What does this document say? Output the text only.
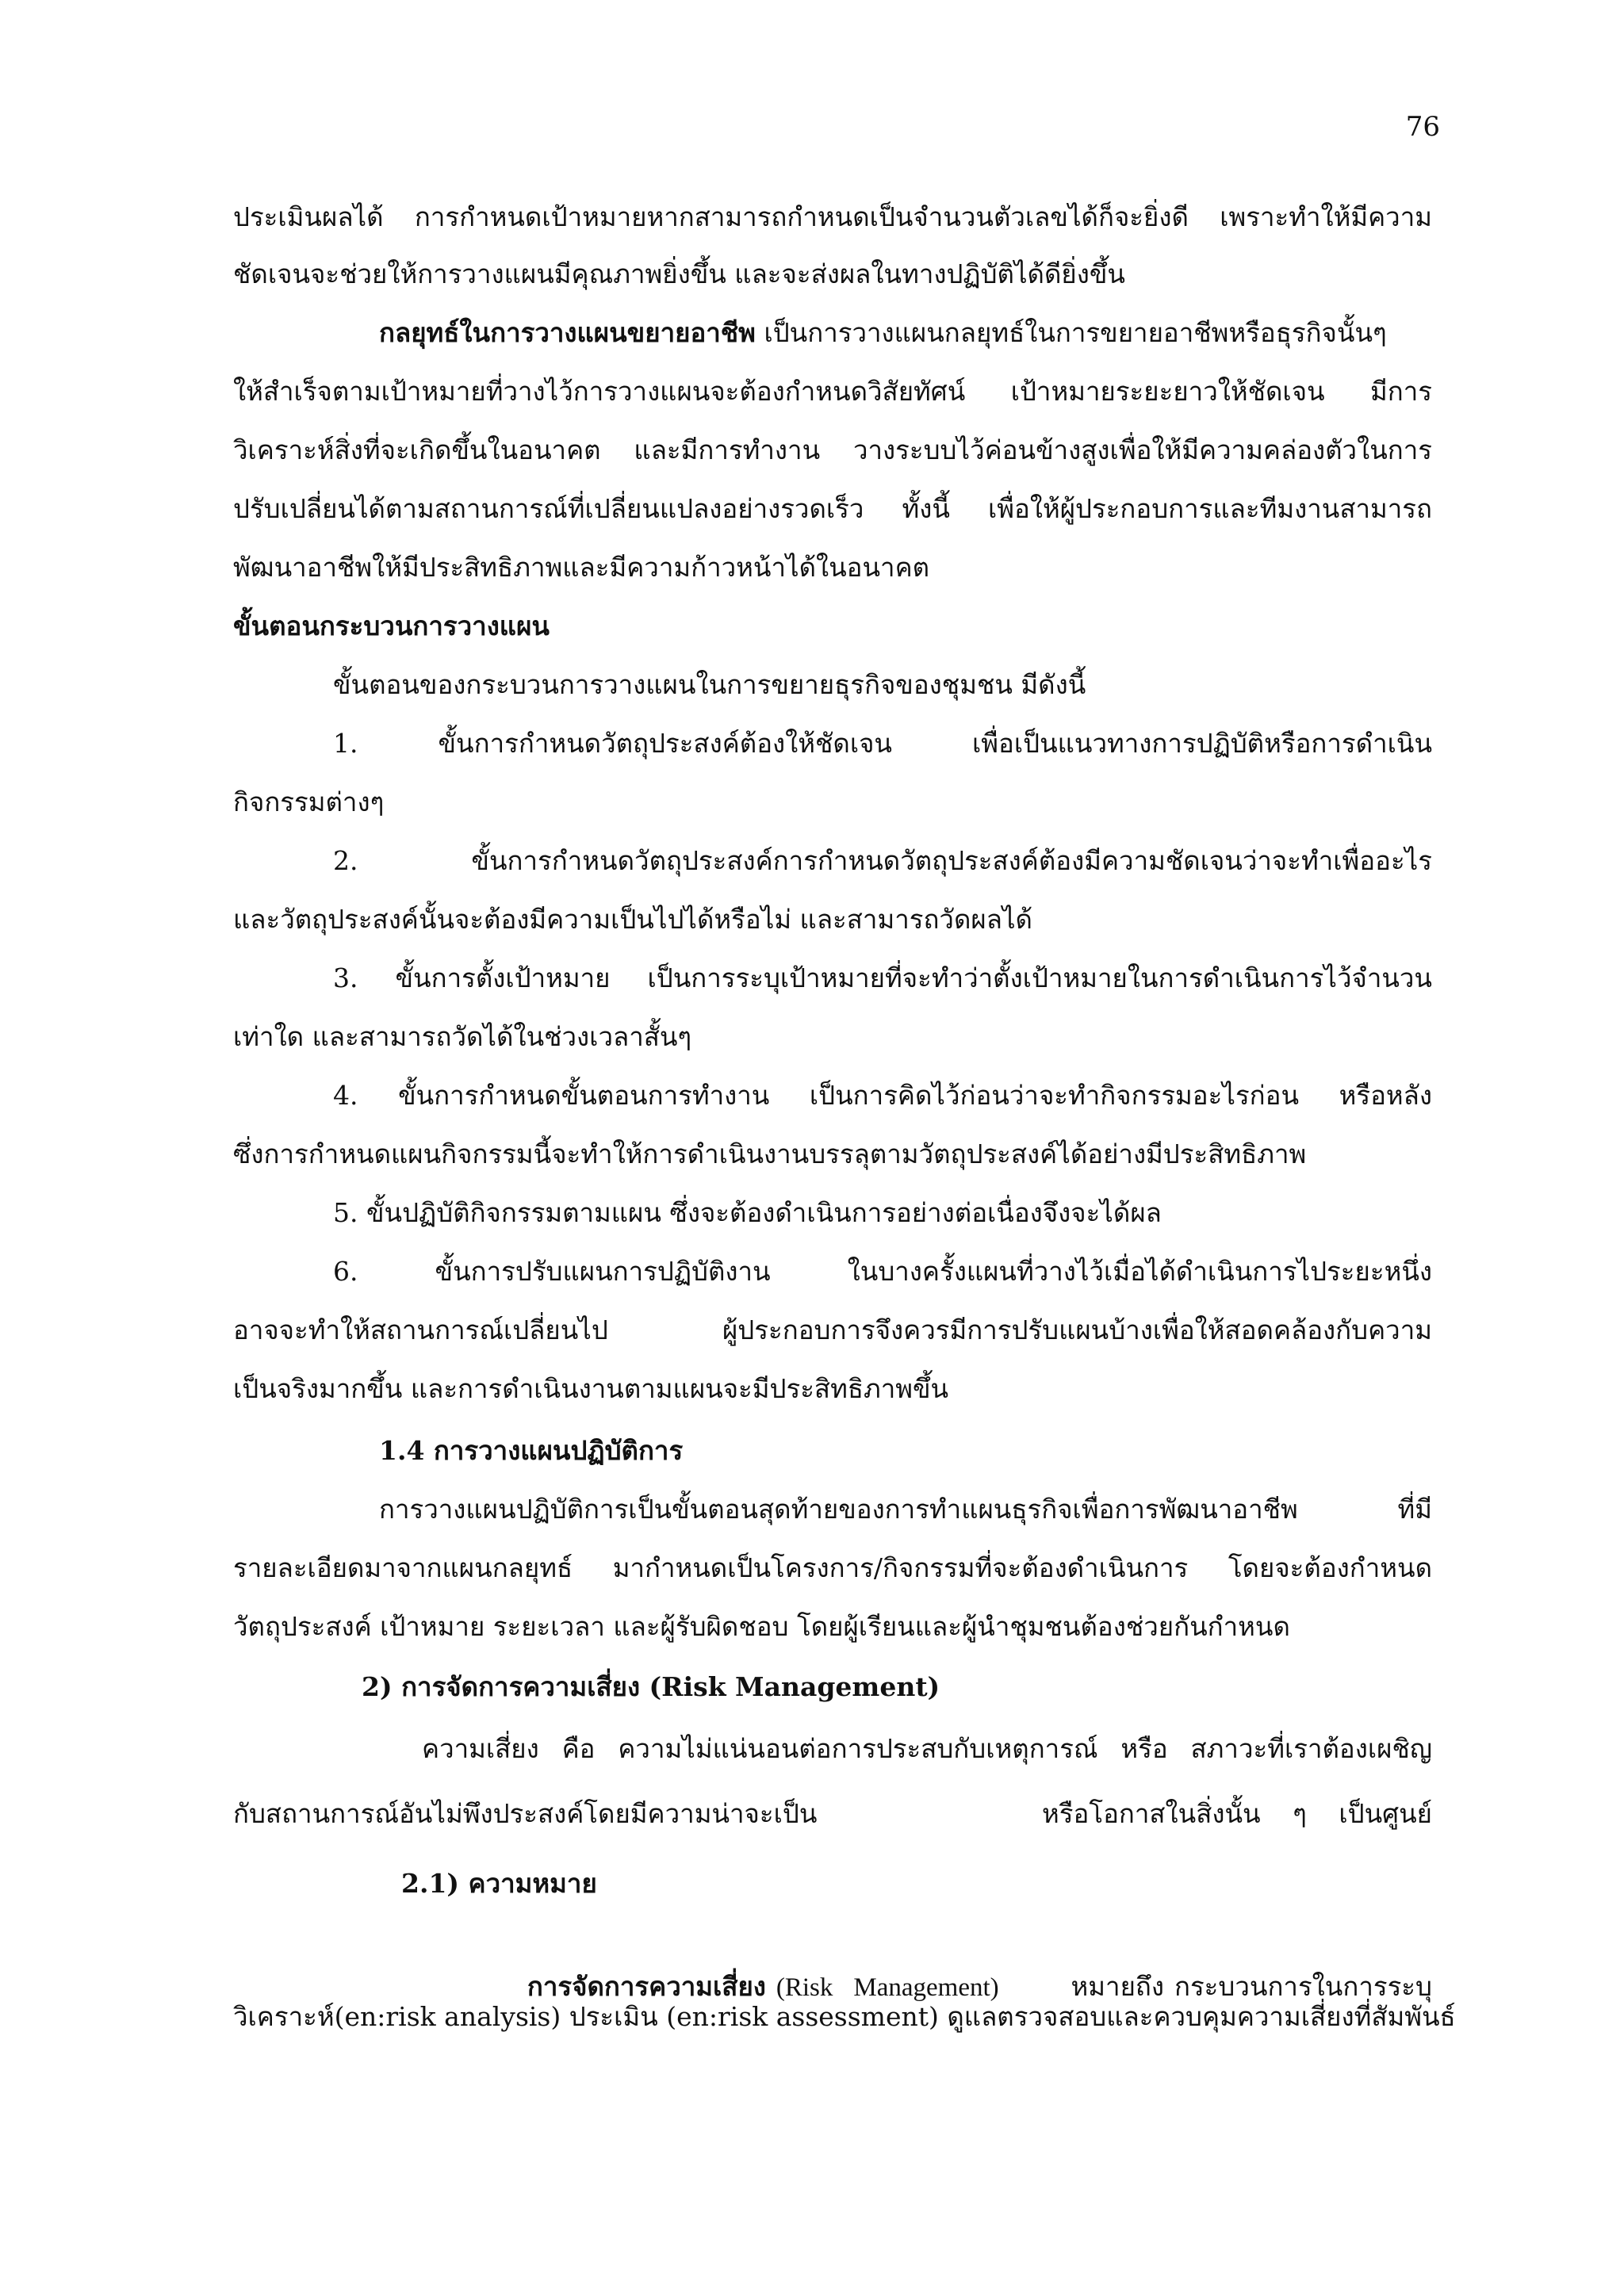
76
ประเมินผลได้ การกำหนดเป้าหมายหากสามารถกำหนดเป็นจำนวนตัวเลขได้ก็จะยิ่งดี เพราะทำให้มีความ
ชัดเจนจะช่วยให้การวางแผนมีคุณภาพยิ่งขึ้น และจะส่งผลในทางปฏิบัติได้ดียิ่งขึ้น
กลยุทธ์ในการวางแผนขยายอาชีพ เป็นการวางแผนกลยุทธ์ในการขยายอาชีพหรือธุรกิจนั้นๆ
ให้สำเร็จตามเป้าหมายที่วางไว้การวางแผนจะต้องกำหนดวิสัยทัศน์ เป้าหมายระยะยาวให้ชัดเจน มีการ
วิเคราะห์สิ่งที่จะเกิดขึ้นในอนาคต และมีการทำงาน วางระบบไว้ค่อนข้างสูงเพื่อให้มีความคล่องตัวในการ
ปรับเปลี่ยนได้ตามสถานการณ์ที่เปลี่ยนแปลงอย่างรวดเร็ว ทั้งนี้ เพื่อให้ผู้ประกอบการและทีมงานสามารถ
พัฒนาอาชีพให้มีประสิทธิภาพและมีความก้าวหน้าได้ในอนาคต
ขั้นตอนกระบวนการวางแผน
ขั้นตอนของกระบวนการวางแผนในการขยายธุรกิจของชุมชน มีดังนี้
1. ขั้นการกำหนดวัตถุประสงค์ต้องให้ชัดเจน เพื่อเป็นแนวทางการปฏิบัติหรือการดำเนิน
กิจกรรมต่างๆ
2. ขั้นการกำหนดวัตถุประสงค์การกำหนดวัตถุประสงค์ต้องมีความชัดเจนว่าจะทำเพื่ออะไร
และวัตถุประสงค์นั้นจะต้องมีความเป็นไปได้หรือไม่ และสามารถวัดผลได้
3. ขั้นการตั้งเป้าหมาย เป็นการระบุเป้าหมายที่จะทำว่าตั้งเป้าหมายในการดำเนินการไว้จำนวน
เท่าใด และสามารถวัดได้ในช่วงเวลาสั้นๆ
4. ขั้นการกำหนดขั้นตอนการทำงาน เป็นการคิดไว้ก่อนว่าจะทำกิจกรรมอะไรก่อน หรือหลัง
ซึ่งการกำหนดแผนกิจกรรมนี้จะทำให้การดำเนินงานบรรลุตามวัตถุประสงค์ได้อย่างมีประสิทธิภาพ
5. ขั้นปฏิบัติกิจกรรมตามแผน ซึ่งจะต้องดำเนินการอย่างต่อเนื่องจึงจะได้ผล
6. ขั้นการปรับแผนการปฏิบัติงาน ในบางครั้งแผนที่วางไว้เมื่อได้ดำเนินการไประยะหนึ่ง
อาจจะทำให้สถานการณ์เปลี่ยนไป ผู้ประกอบการจึงควรมีการปรับแผนบ้างเพื่อให้สอดคล้องกับความ
เป็นจริงมากขึ้น และการดำเนินงานตามแผนจะมีประสิทธิภาพขึ้น
1.4 การวางแผนปฏิบัติการ
การวางแผนปฏิบัติการเป็นขั้นตอนสุดท้ายของการทำแผนธุรกิจเพื่อการพัฒนาอาชีพ ที่มี
รายละเอียดมาจากแผนกลยุทธ์ มากำหนดเป็นโครงการ/กิจกรรมที่จะต้องดำเนินการ โดยจะต้องกำหนด
วัตถุประสงค์ เป้าหมาย ระยะเวลา และผู้รับผิดชอบ โดยผู้เรียนและผู้นำชุมชนต้องช่วยกันกำหนด
2) การจัดการความเสี่ยง (Risk Management)
ความเสี่ยง คือ ความไม่แน่นอนต่อการประสบกับเหตุการณ์ หรือ สภาวะที่เราต้องเผชิญ
กับสถานการณ์อันไม่พึงประสงค์โดยมีความน่าจะเป็น       หรือโอกาสในสิ่งนั้น ๆ เป็นศูนย์
2.1) ความหมาย

การจัดการความเสี่ยง (Risk  Management)       หมายถึง กระบวนการในการระบุ

วิเคราะห์(en:risk analysis) ประเมิน (en:risk assessment) ดูแลตรวจสอบและควบคุมความเสี่ยงที่สัมพันธ์
